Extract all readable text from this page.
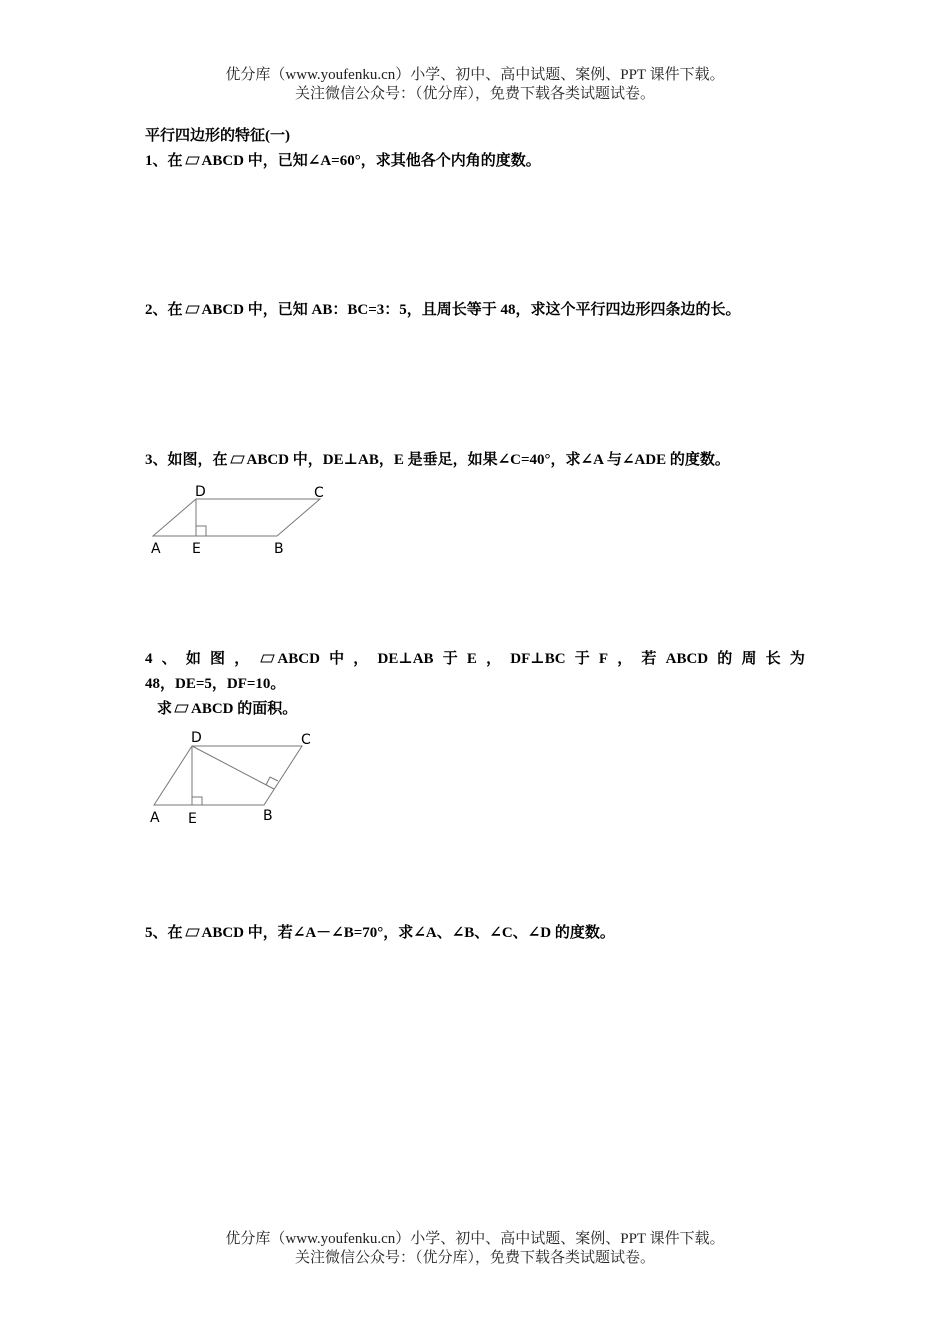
优分库（www.youfenku.cn）小学、初中、高中试题、案例、PPT 课件下载。
关注微信公众号：（优分库），免费下载各类试题试卷。
平行四边形的特征(一)
1、在 ABCD 中，已知∠A=60°，求其他各个内角的度数。
2、在 ABCD 中，已知 AB：BC=3：5，且周长等于 48，求这个平行四边形四条边的长。
3、如图，在 ABCD 中，DE⊥AB，E 是垂足，如果∠C=40°，求∠A 与∠ADE 的度数。
A E	B
D	C
4 、 如 图 ，	ABCD 中 ， DE⊥AB 于 E ， DF⊥BC 于 F ， 若 ABCD 的 周 长 为
48，DE=5，DF=10。
求 ABCD 的面积。
A E	B
D	C
5、在 ABCD 中，若∠A－∠B=70°，求∠A、∠B、∠C、∠D 的度数。
优分库（www.youfenku.cn）小学、初中、高中试题、案例、PPT 课件下载。
关注微信公众号：（优分库），免费下载各类试题试卷。
